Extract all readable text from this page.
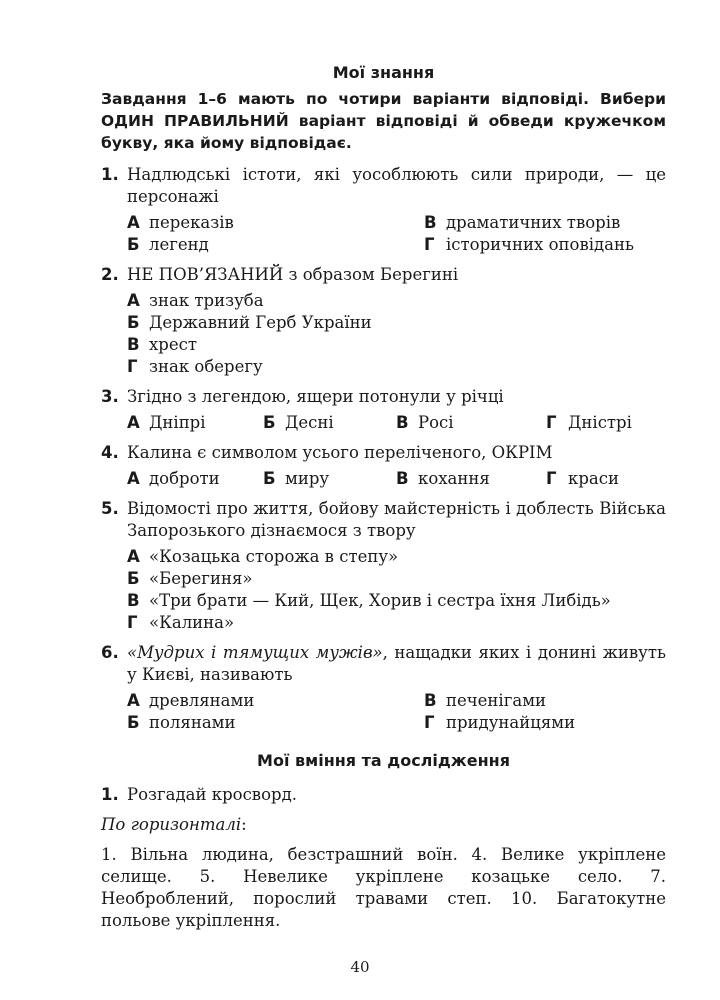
Мої знання
Завдання 1–6 мають по чотири варіанти відповіді. Вибери ОДИН ПРАВИЛЬНИЙ варіант відповіді й обведи кружечком букву, яка йому відповідає.
1. Надлюдські істоти, які уособлюють сили природи, — це персонажі
А переказів	В драматичних творів
Б легенд	Г історичних оповідань
2. НЕ ПОВ’ЯЗАНИЙ з образом Берегині
А знак тризуба
Б Державний Герб України
В хрест
Г знак оберегу
3. Згідно з легендою, ящери потонули у річці
А Дніпрі	Б Десні	В Росі	Г Дністрі
4. Калина є символом усього переліченого, ОКРІМ
А доброти	Б миру	В кохання	Г краси
5. Відомості про життя, бойову майстерність і доблесть Війська Запорозького дізнаємося з твору
А «Козацька сторожа в степу»
Б «Берегиня»
В «Три брати — Кий, Щек, Хорив і сестра їхня Либідь»
Г «Калина»
6. «Мудрих і тямущих мужів», нащадки яких і донині живуть у Києві, називають
А древлянами	В печенігами
Б полянами	Г придунайцями
Мої вміння та дослідження
1. Розгадай кросворд.
По горизонталі:
1. Вільна людина, безстрашний воїн. 4. Велике укріплене селище. 5. Невелике укріплене козацьке село. 7. Необроблений, порослий травами степ. 10. Багатокутне польове укріплення.
40
